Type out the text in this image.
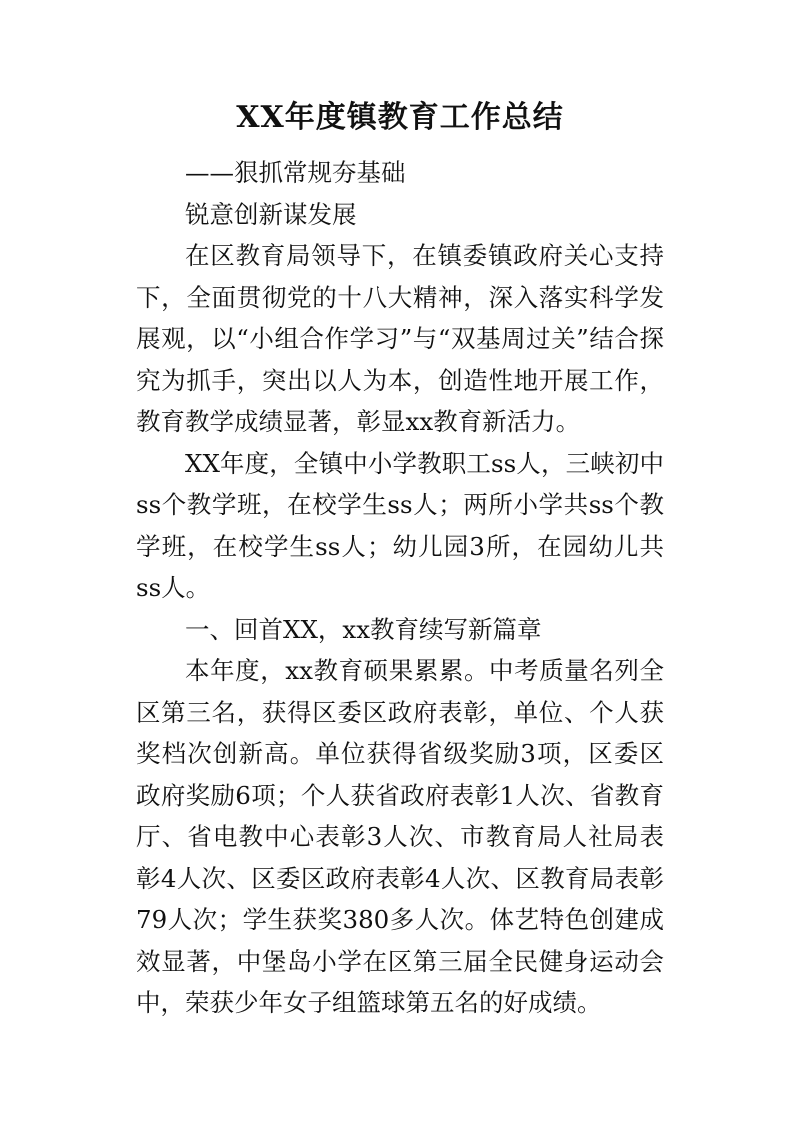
XX年度镇教育工作总结

——狠抓常规夯基础

锐意创新谋发展

在区教育局领导下，在镇委镇政府关心支持下，全面贯彻党的十八大精神，深入落实科学发展观，以“小组合作学习”与“双基周过关”结合探究为抓手，突出以人为本，创造性地开展工作，教育教学成绩显著，彰显xx教育新活力。

XX年度，全镇中小学教职工ss人，三峡初中ss个教学班，在校学生ss人；两所小学共ss个教学班，在校学生ss人；幼儿园3所，在园幼儿共ss人。

一、回首XX，xx教育续写新篇章

本年度，xx教育硕果累累。中考质量名列全区第三名，获得区委区政府表彰，单位、个人获奖档次创新高。单位获得省级奖励3项，区委区政府奖励6项；个人获省政府表彰1人次、省教育厅、省电教中心表彰3人次、市教育局人社局表彰4人次、区委区政府表彰4人次、区教育局表彰79人次；学生获奖380多人次。体艺特色创建成效显著，中堡岛小学在区第三届全民健身运动会中，荣获少年女子组篮球第五名的好成绩。
